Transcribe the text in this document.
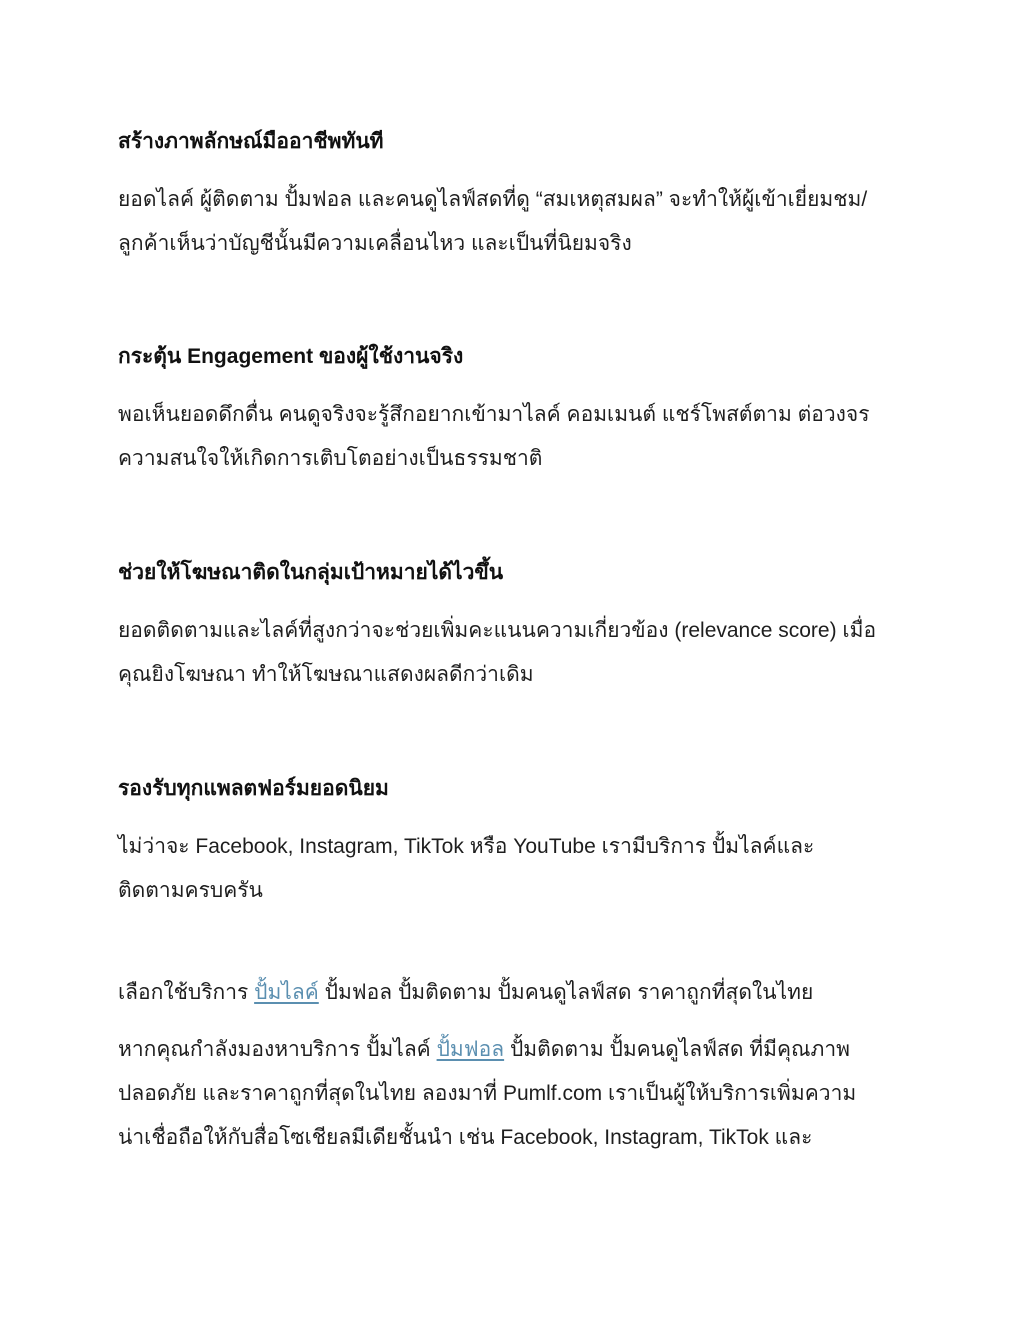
สร้างภาพลักษณ์มืออาชีพทันที

ยอดไลค์ ผู้ติดตาม ปั้มฟอล และคนดูไลฟ์สดที่ดู “สมเหตุสมผล” จะทำให้ผู้เข้าเยี่ยมชม/
ลูกค้าเห็นว่าบัญชีนั้นมีความเคลื่อนไหว และเป็นที่นิยมจริง

กระตุ้น Engagement ของผู้ใช้งานจริง

พอเห็นยอดดึกดื่น คนดูจริงจะรู้สึกอยากเข้ามาไลค์ คอมเมนต์ แชร์โพสต์ตาม ต่อวงจร
ความสนใจให้เกิดการเติบโตอย่างเป็นธรรมชาติ

ช่วยให้โฆษณาติดในกลุ่มเป้าหมายได้ไวขึ้น

ยอดติดตามและไลค์ที่สูงกว่าจะช่วยเพิ่มคะแนนความเกี่ยวข้อง (relevance score) เมื่อ
คุณยิงโฆษณา ทำให้โฆษณาแสดงผลดีกว่าเดิม

รองรับทุกแพลตฟอร์มยอดนิยม

ไม่ว่าจะ Facebook, Instagram, TikTok หรือ YouTube เรามีบริการ ปั้มไลค์และ
ติดตามครบครัน

เลือกใช้บริการ ปั้มไลค์ ปั้มฟอล ปั้มติดตาม ปั้มคนดูไลฟ์สด ราคาถูกที่สุดในไทย

หากคุณกำลังมองหาบริการ ปั้มไลค์ ปั้มฟอล ปั้มติดตาม ปั้มคนดูไลฟ์สด ที่มีคุณภาพ
ปลอดภัย และราคาถูกที่สุดในไทย ลองมาที่ Pumlf.com เราเป็นผู้ให้บริการเพิ่มความ
น่าเชื่อถือให้กับสื่อโซเชียลมีเดียชั้นนำ เช่น Facebook, Instagram, TikTok และ
